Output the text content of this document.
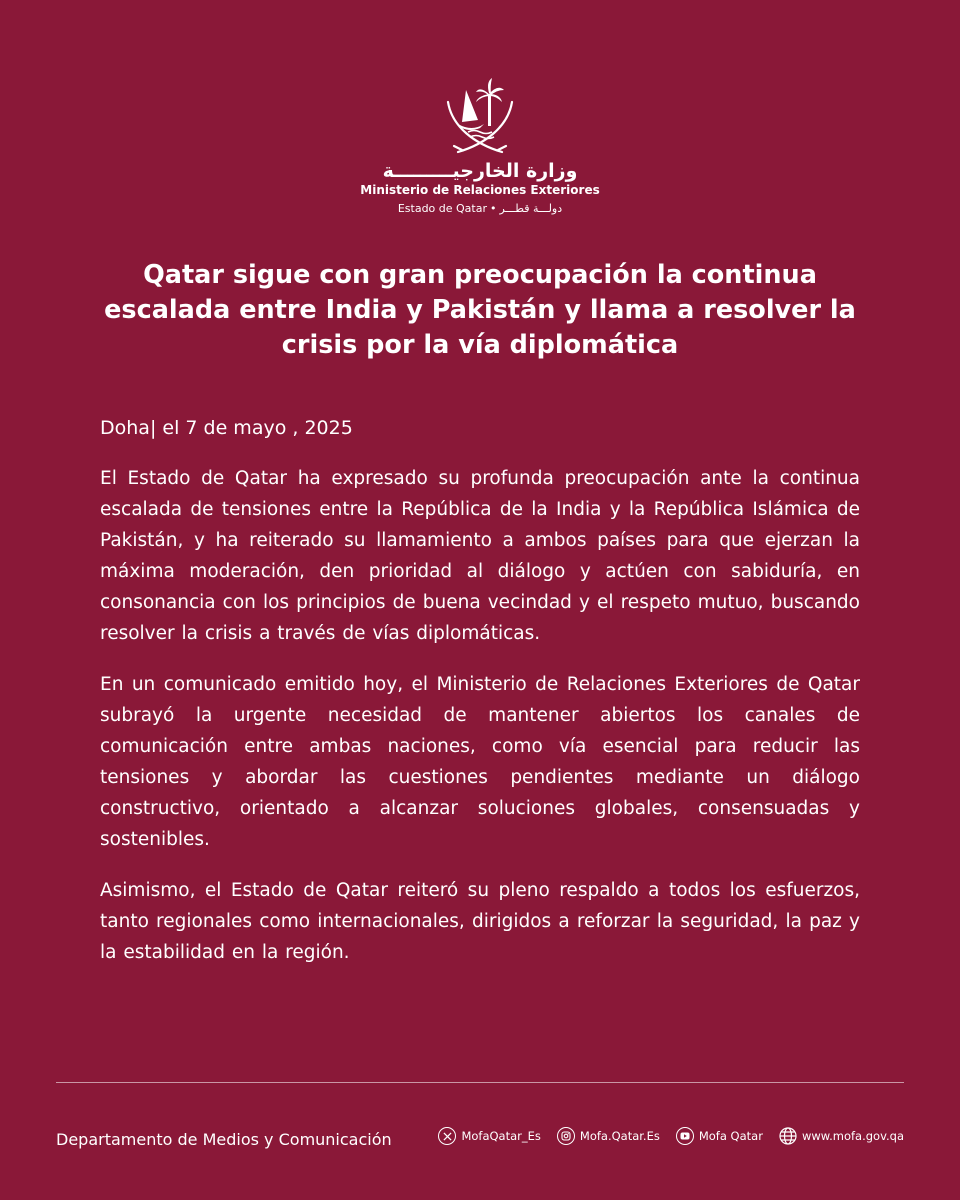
وزارة الخارجيـــــــــة
Ministerio de Relaciones Exteriores
Estado de Qatar • دولـــة قطـــر
Qatar sigue con gran preocupación la continua escalada entre India y Pakistán y llama a resolver la crisis por la vía diplomática
Doha| el 7 de mayo , 2025

El Estado de Qatar ha expresado su profunda preocupación ante la continua escalada de tensiones entre la República de la India y la República Islámica de Pakistán, y ha reiterado su llamamiento a ambos países para que ejerzan la máxima moderación, den prioridad al diálogo y actúen con sabiduría, en consonancia con los principios de buena vecindad y el respeto mutuo, buscando resolver la crisis a través de vías diplomáticas.

En un comunicado emitido hoy, el Ministerio de Relaciones Exteriores de Qatar subrayó la urgente necesidad de mantener abiertos los canales de comunicación entre ambas naciones, como vía esencial para reducir las tensiones y abordar las cuestiones pendientes mediante un diálogo constructivo, orientado a alcanzar soluciones globales, consensuadas y sostenibles.

Asimismo, el Estado de Qatar reiteró su pleno respaldo a todos los esfuerzos, tanto regionales como internacionales, dirigidos a reforzar la seguridad, la paz y la estabilidad en la región.

Departamento de Medios y Comunicación	MofaQatar_Es	Mofa.Qatar.Es	Mofa Qatar	www.mofa.gov.qa
